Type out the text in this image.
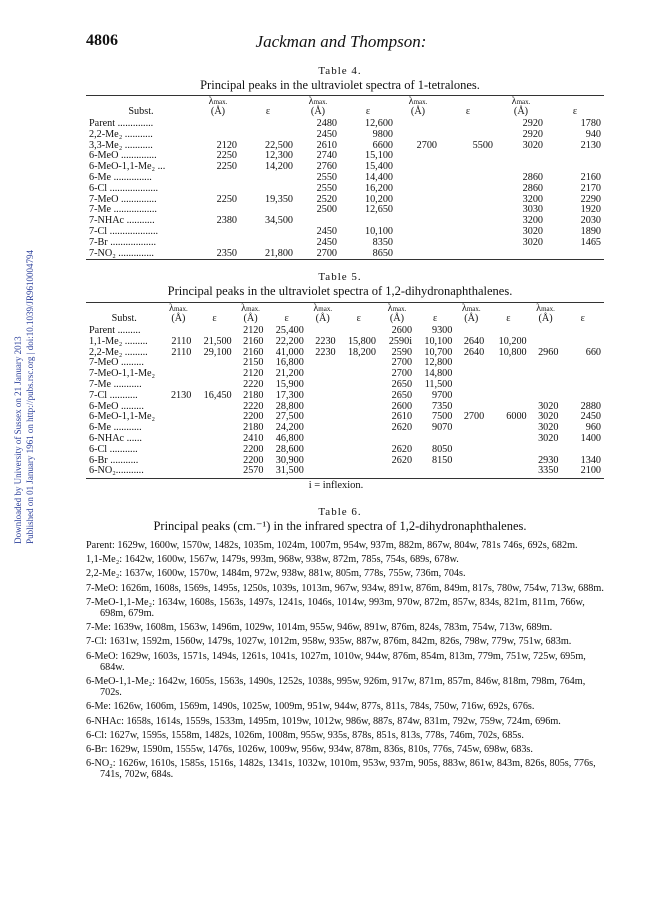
Downloaded by University of Sussex on 21 January 2013 Published on 01 January 1961 on http://pubs.rsc.org | doi:10.1039/JR9610004794
4806	Jackman and Thompson:
Table 4.
Principal peaks in the ultraviolet spectra of 1-tetralones.
	λmax.		λmax.		λmax.		λmax.	
Subst.	(Å)	ε	(Å)	ε	(Å)	ε	(Å)	ε
Parent ..............			2480	12,600			2920	1780
2,2-Me₂ ...........			2450	9800			2920	940
3,3-Me₂ ...........	2120	22,500	2610	6600	2700	5500	3020	2130
6-MeO ..............	2250	12,300	2740	15,100				
6-MeO-1,1-Me₂ ...	2250	14,200	2760	15,400				
6-Me ...............			2550	14,400			2860	2160
6-Cl ...................			2550	16,200			2860	2170
7-MeO ..............	2250	19,350	2520	10,200			3200	2290
7-Me .................			2500	12,650			3030	1920
7-NHAc ...........	2380	34,500					3200	2030
7-Cl ...................			2450	10,100			3020	1890
7-Br ..................			2450	8350			3020	1465
7-NO₂ ..............	2350	21,800	2700	8650				
Table 5.
Principal peaks in the ultraviolet spectra of 1,2-dihydronaphthalenes.
	λmax.		λmax.		λmax.		λmax.		λmax.		λmax.	
Subst.	(Å)	ε	(Å)	ε	(Å)	ε	(Å)	ε	(Å)	ε	(Å)	ε
Parent .........			2120	25,400			2600	9300				
1,1-Me₂ .........	2110	21,500	2160	22,200	2230	15,800	2590i	10,100	2640	10,200		
2,2-Me₂ .........	2110	29,100	2160	41,000	2230	18,200	2590	10,700	2640	10,800	2960	660
7-MeO .........			2150	16,800			2700	12,800				
7-MeO-1,1-Me₂			2120	21,200			2700	14,800				
7-Me ...........			2220	15,900			2650	11,500				
7-Cl ...........	2130	16,450	2180	17,300			2650	9700				
6-MeO .........			2220	28,800			2600	7350			3020	2880
6-MeO-1,1-Me₂			2200	27,500			2610	7500	2700	6000	3020	2450
6-Me ...........			2180	24,200			2620	9070			3020	960
6-NHAc ......			2410	46,800							3020	1400
6-Cl ...........			2200	28,600			2620	8050				
6-Br ...........			2200	30,900			2620	8150			2930	1340
6-NO₂...........			2570	31,500							3350	2100
i = inflexion.
Table 6.
Principal peaks (cm.⁻¹) in the infrared spectra of 1,2-dihydronaphthalenes.
Parent: 1629w, 1600w, 1570w, 1482s, 1035m, 1024m, 1007m, 954w, 937m, 882m, 867w, 804w, 781s 746s, 692s, 682m.
1,1-Me₂: 1642w, 1600w, 1567w, 1479s, 993m, 968w, 938w, 872m, 785s, 754s, 689s, 678w.
2,2-Me₂: 1637w, 1600w, 1570w, 1484m, 972w, 938w, 881w, 805m, 778s, 755w, 736m, 704s.
7-MeO: 1626m, 1608s, 1569s, 1495s, 1250s, 1039s, 1013m, 967w, 934w, 891w, 876m, 849m, 817s, 780w, 754w, 713w, 688m.
7-MeO-1,1-Me₂: 1634w, 1608s, 1563s, 1497s, 1241s, 1046s, 1014w, 993m, 970w, 872m, 857w, 834s, 821m, 811m, 766w, 698m, 679m.
7-Me: 1639w, 1608m, 1563w, 1496m, 1029w, 1014m, 955w, 946w, 891w, 876m, 824s, 783m, 754w, 713w, 689m.
7-Cl: 1631w, 1592m, 1560w, 1479s, 1027w, 1012m, 958w, 935w, 887w, 876m, 842m, 826s, 798w, 779w, 751w, 683m.
6-MeO: 1629w, 1603s, 1571s, 1494s, 1261s, 1041s, 1027m, 1010w, 944w, 876m, 854m, 813m, 779m, 751w, 725w, 695m, 684w.
6-MeO-1,1-Me₂: 1642w, 1605s, 1563s, 1490s, 1252s, 1038s, 995w, 926m, 917w, 871m, 857m, 846w, 818m, 798m, 764m, 702s.
6-Me: 1626w, 1606m, 1569m, 1490s, 1025w, 1009m, 951w, 944w, 877s, 811s, 784s, 750w, 716w, 692s, 676s.
6-NHAc: 1658s, 1614s, 1559s, 1533m, 1495m, 1019w, 1012w, 986w, 887s, 874w, 831m, 792w, 759w, 724m, 696m.
6-Cl: 1627w, 1595s, 1558m, 1482s, 1026m, 1008m, 955w, 935s, 878s, 851s, 813s, 778s, 746m, 702s, 685s.
6-Br: 1629w, 1590m, 1555w, 1476s, 1026w, 1009w, 956w, 934w, 878m, 836s, 810s, 776s, 745w, 698w, 683s.
6-NO₂: 1626w, 1610s, 1585s, 1516s, 1482s, 1341s, 1032w, 1010m, 953w, 937m, 905s, 883w, 861w, 843m, 826s, 805s, 776s, 741s, 702w, 684s.
